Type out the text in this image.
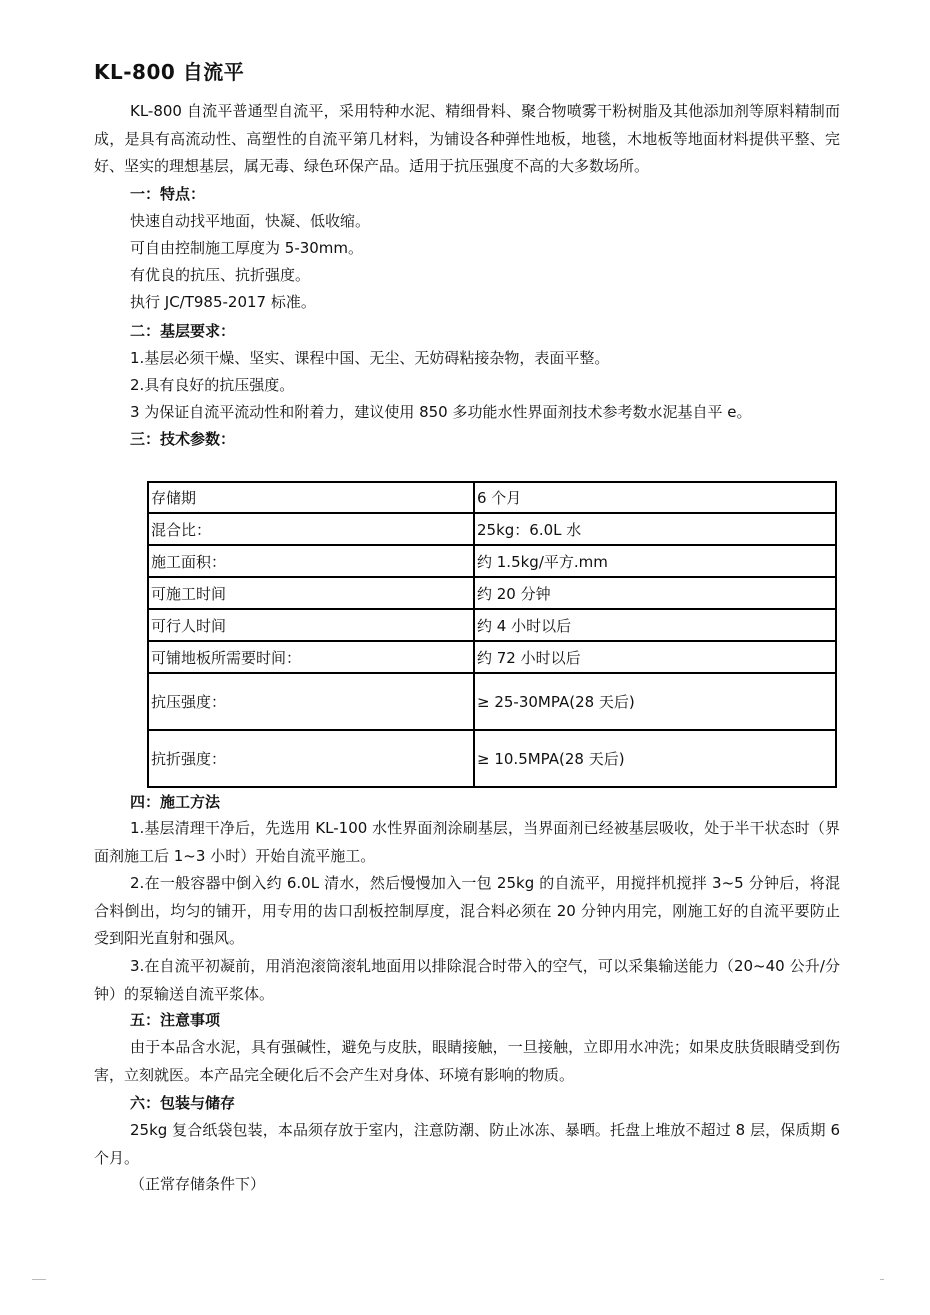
KL-800 自流平

KL-800 自流平普通型自流平，采用特种水泥、精细骨料、聚合物喷雾干粉树脂及其他添加剂等原料精制而成，是具有高流动性、高塑性的自流平第几材料，为铺设各种弹性地板，地毯，木地板等地面材料提供平整、完好、坚实的理想基层，属无毒、绿色环保产品。适用于抗压强度不高的大多数场所。

一：特点：
快速自动找平地面，快凝、低收缩。
可自由控制施工厚度为 5-30mm。
有优良的抗压、抗折强度。
执行 JC/T985-2017 标准。
二：基层要求：
1.基层必须干燥、坚实、课程中国、无尘、无妨碍粘接杂物，表面平整。
2.具有良好的抗压强度。
3 为保证自流平流动性和附着力，建议使用 850 多功能水性界面剂技术参考数水泥基自平 e。
三：技术参数：
存储期	6 个月
混合比：	25kg：6.0L 水
施工面积：	约 1.5kg/平方.mm
可施工时间	约 20 分钟
可行人时间	约 4 小时以后
可铺地板所需要时间：	约 72 小时以后
抗压强度：	≥ 25-30MPA(28 天后)
抗折强度：	≥ 10.5MPA(28 天后)
四：施工方法

1.基层清理干净后，先选用 KL-100 水性界面剂涂刷基层，当界面剂已经被基层吸收，处于半干状态时（界面剂施工后 1~3 小时）开始自流平施工。

2.在一般容器中倒入约 6.0L 清水，然后慢慢加入一包 25kg 的自流平，用搅拌机搅拌 3~5 分钟后，将混合料倒出，均匀的铺开，用专用的齿口刮板控制厚度，混合料必须在 20 分钟内用完，刚施工好的自流平要防止受到阳光直射和强风。

3.在自流平初凝前，用消泡滚筒滚轧地面用以排除混合时带入的空气，可以采集输送能力（20~40 公升/分钟）的泵输送自流平浆体。

五：注意事项

由于本品含水泥，具有强碱性，避免与皮肤，眼睛接触，一旦接触，立即用水冲洗；如果皮肤货眼睛受到伤害，立刻就医。本产品完全硬化后不会产生对身体、环境有影响的物质。

六：包装与储存

25kg 复合纸袋包装，本品须存放于室内，注意防潮、防止冰冻、暴晒。托盘上堆放不超过 8 层，保质期 6 个月。

（正常存储条件下）
